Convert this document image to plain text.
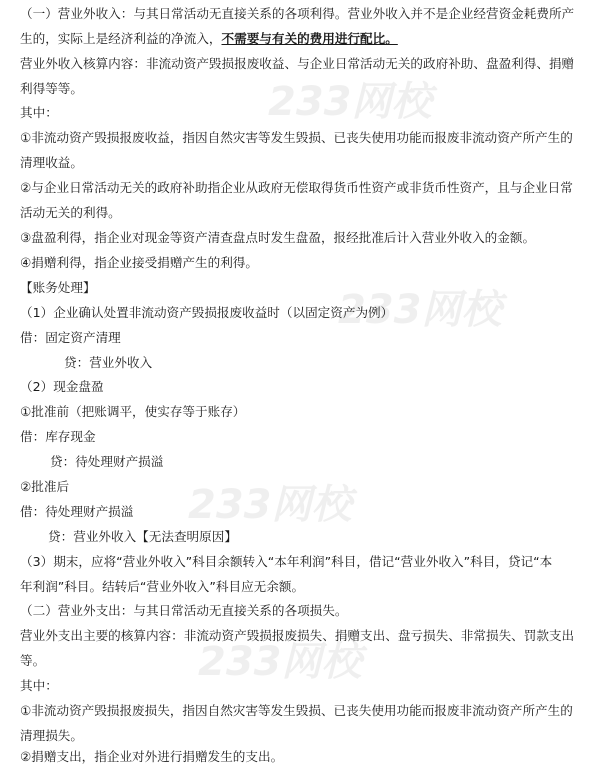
（一）营业外收入：与其日常活动无直接关系的各项利得。营业外收入并不是企业经营资金耗费所产
生的，实际上是经济利益的净流入，不需要与有关的费用进行配比。
营业外收入核算内容：非流动资产毁损报废收益、与企业日常活动无关的政府补助、盘盈利得、捐赠
利得等等。
其中：
①非流动资产毁损报废收益，指因自然灾害等发生毁损、已丧失使用功能而报废非流动资产所产生的
清理收益。
②与企业日常活动无关的政府补助指企业从政府无偿取得货币性资产或非货币性资产，且与企业日常
活动无关的利得。
③盘盈利得，指企业对现金等资产清查盘点时发生盘盈，报经批准后计入营业外收入的金额。
④捐赠利得，指企业接受捐赠产生的利得。
【账务处理】
（1）企业确认处置非流动资产毁损报废收益时（以固定资产为例）
借：固定资产清理
贷：营业外收入
（2）现金盘盈
①批准前（把账调平，使实存等于账存）
借：库存现金
贷：待处理财产损溢
②批准后
借：待处理财产损溢
贷：营业外收入【无法查明原因】
（3）期末，应将“营业外收入”科目余额转入“本年利润”科目，借记“营业外收入”科目，贷记“本
年利润”科目。结转后“营业外收入”科目应无余额。
（二）营业外支出：与其日常活动无直接关系的各项损失。
营业外支出主要的核算内容：非流动资产毁损报废损失、捐赠支出、盘亏损失、非常损失、罚款支出
等。
其中：
①非流动资产毁损报废损失，指因自然灾害等发生毁损、已丧失使用功能而报废非流动资产所产生的
清理损失。
②捐赠支出，指企业对外进行捐赠发生的支出。
233网校
233网校
233网校
233网校
